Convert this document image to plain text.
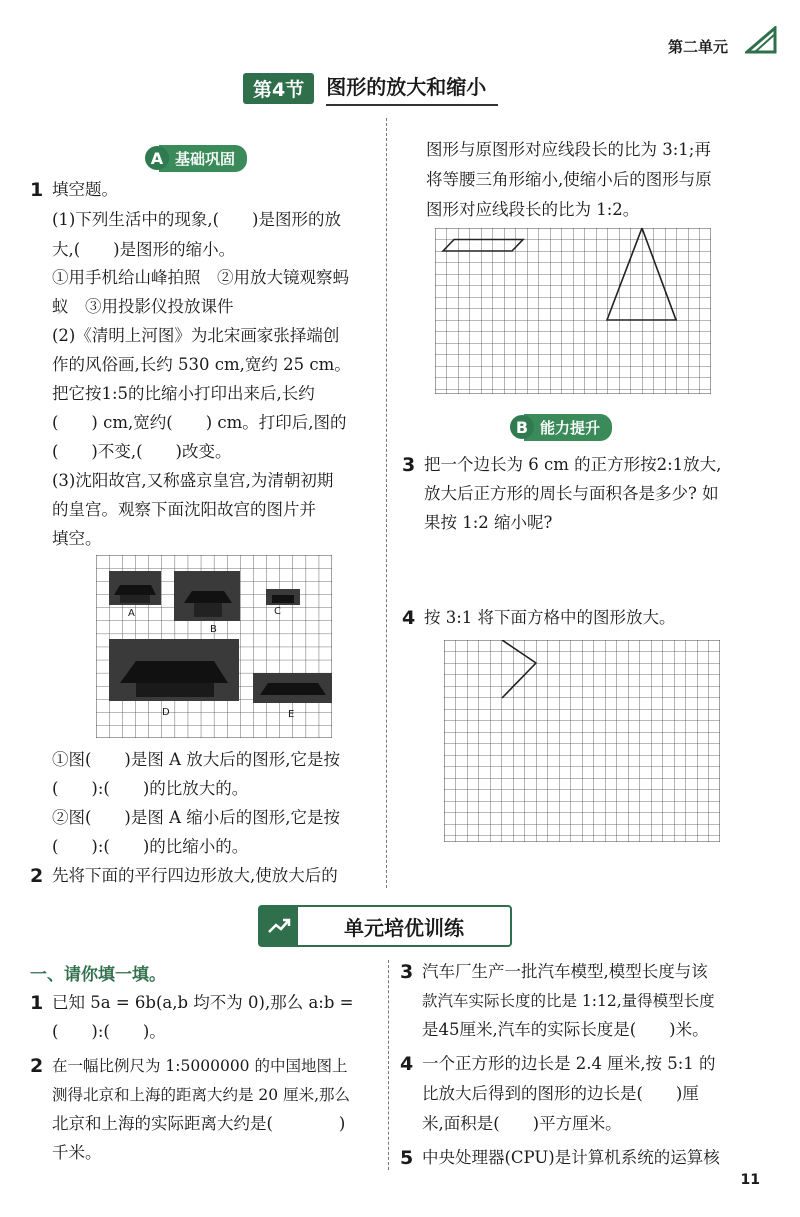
第二单元
第4节	图形的放大和缩小
A 基础巩固
1 填空题。
(1)下列生活中的现象,(　　)是图形的放
大,(　　)是图形的缩小。
①用手机给山峰拍照　②用放大镜观察蚂
蚁　③用投影仪投放课件
(2)《清明上河图》为北宋画家张择端创
作的风俗画,长约 530 cm,宽约 25 cm。
把它按1:5的比缩小打印出来后,长约
(　　) cm,宽约(　　) cm。打印后,图的
(　　)不变,(　　)改变。
(3)沈阳故宫,又称盛京皇宫,为清朝初期
的皇宫。观察下面沈阳故宫的图片并
填空。
A
B
C
D	E
①图(　　)是图 A 放大后的图形,它是按
(　　):(　　)的比放大的。
②图(　　)是图 A 缩小后的图形,它是按
(　　):(　　)的比缩小的。
2 先将下面的平行四边形放大,使放大后的
图形与原图形对应线段长的比为 3:1;再
将等腰三角形缩小,使缩小后的图形与原
图形对应线段长的比为 1:2。
B 能力提升
3 把一个边长为 6 cm 的正方形按2:1放大,
放大后正方形的周长与面积各是多少? 如
果按 1:2 缩小呢?
4 按 3:1 将下面方格中的图形放大。
单元培优训练
一、请你填一填。
1 已知 5a = 6b(a,b 均不为 0),那么 a:b =
(　　):(　　)。
2 在一幅比例尺为 1:5000000 的中国地图上
测得北京和上海的距离大约是 20 厘米,那么
北京和上海的实际距离大约是(　　　　)
千米。
3 汽车厂生产一批汽车模型,模型长度与该
款汽车实际长度的比是 1:12,量得模型长度
是45厘米,汽车的实际长度是(　　)米。
4 一个正方形的边长是 2.4 厘米,按 5:1 的
比放大后得到的图形的边长是(　　)厘
米,面积是(　　)平方厘米。
5 中央处理器(CPU)是计算机系统的运算核
11
